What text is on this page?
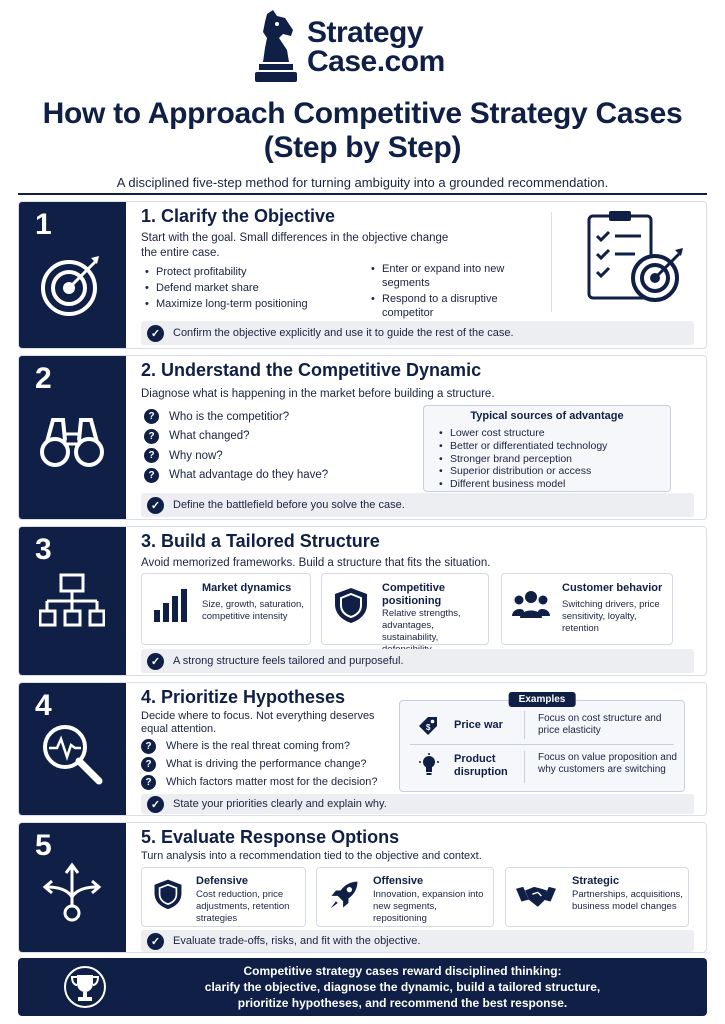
Strategy
Case.com
How to Approach Competitive Strategy Cases (Step by Step)
A disciplined five-step method for turning ambiguity into a grounded recommendation.
1	1. Clarify the Objective
Start with the goal. Small differences in the objective change the entire case.
• Protect profitability
• Defend market share
• Maximize long-term positioning
• Enter or expand into new segments
• Respond to a disruptive competitor
✓	Confirm the objective explicitly and use it to guide the rest of the case.
2	2. Understand the Competitive Dynamic
Diagnose what is happening in the market before building a structure.
?	Who is the competitior?
?	What changed?
?	Why now?
?	What advantage do they have?
Typical sources of advantage
• Lower cost structure
• Better or differentiated technology
• Stronger brand perception
• Superior distribution or access
• Different business model
✓	Define the battlefield before you solve the case.
3	3. Build a Tailored Structure
Avoid memorized frameworks. Build a structure that fits the situation.
Market dynamics
Size, growth, saturation, competitive intensity
Competitive positioning
Relative strengths, advantages, sustainability,
Customer behavior
Switching drivers, price sensitivity, loyalty, retention
✓	A strong structure feels tailored and purposeful.
4	4. Prioritize Hypotheses
Decide where to focus. Not everything deserves equal attention.
?	Where is the real threat coming from?
?	What is driving the performance change?
?	Which factors matter most for the decision?
Examples
$ Price war
Focus on cost structure and price elasticity
Product disruption
Focus on value proposition and why customers are switching
✓	State your priorities clearly and explain why.
5	5. Evaluate Response Options
Turn analysis into a recommendation tied to the objective and context.
Defensive
Cost reduction, price adjustments, retention strategies
Offensive
Innovation, expansion into new segments, repositioning
Strategic
Partnerships, acquisitions, business model changes
✓	Evaluate trade-offs, risks, and fit with the objective.
Competitive strategy cases reward disciplined thinking:
clarify the objective, diagnose the dynamic, build a tailored structure,
prioritize hypotheses, and recommend the best response.
